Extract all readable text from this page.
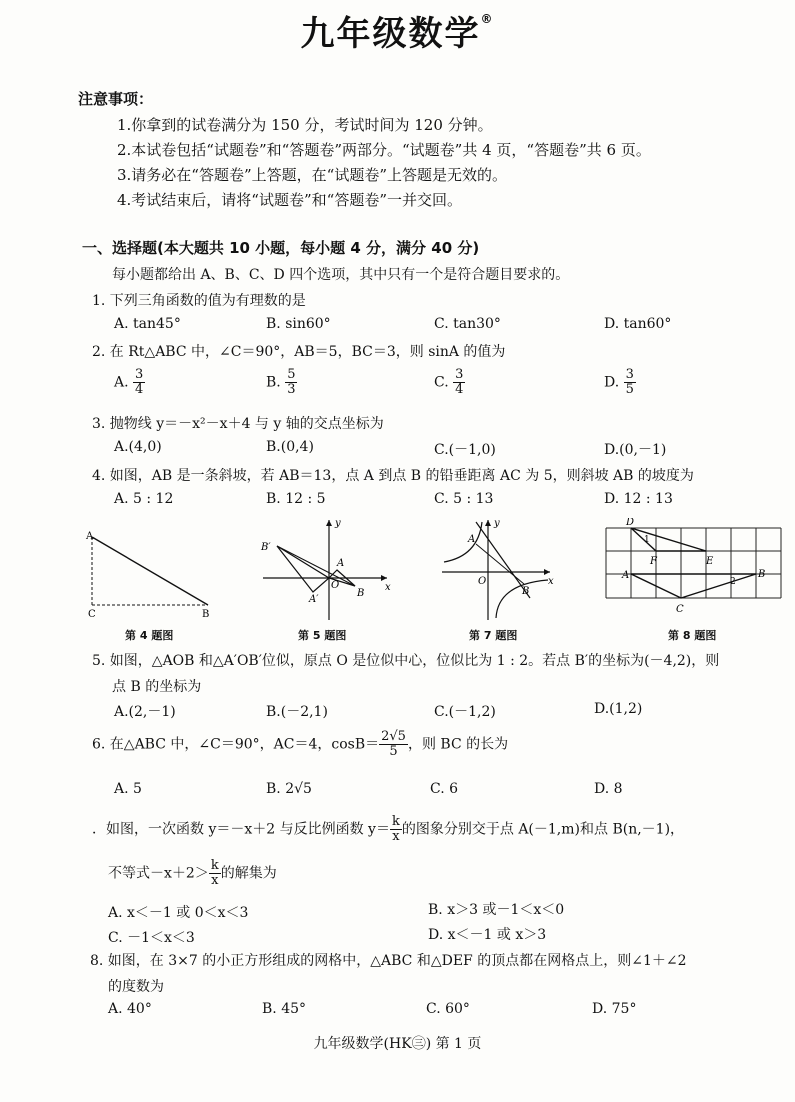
九年级数学®
注意事项：
1.你拿到的试卷满分为 150 分，考试时间为 120 分钟。
2.本试卷包括“试题卷”和“答题卷”两部分。“试题卷”共 4 页，“答题卷”共 6 页。
3.请务必在“答题卷”上答题，在“试题卷”上答题是无效的。
4.考试结束后，请将“试题卷”和“答题卷”一并交回。
一、选择题(本大题共 10 小题，每小题 4 分，满分 40 分)
每小题都给出 A、B、C、D 四个选项，其中只有一个是符合题目要求的。
1. 下列三角函数的值为有理数的是
A. tan45°	B. sin60°	C. tan30°	D. tan60°
2. 在 Rt△ABC 中，∠C＝90°，AB＝5，BC＝3，则 sinA 的值为
A. $\frac{3}{4}$	B. $\frac{5}{3}$	C. $\frac{3}{4}$	D. $\frac{3}{5}$
3. 抛物线 y＝－x²－x＋4 与 y 轴的交点坐标为
A.(4,0)	B.(0,4)	C.(－1,0)	D.(0,－1)
4. 如图，AB 是一条斜坡，若 AB＝13，点 A 到点 B 的铅垂距离 AC 为 5，则斜坡 AB 的坡度为
A. 5 : 12	B. 12 : 5	C. 5 : 13	D. 12 : 13
A
C	B
第 4 题图
B′
A
O
A′
B
x
y
第 5 题图
A
O
B
x
y
第 7 题图
D
1
F	E
A
2
B
C
第 8 题图
5. 如图，△AOB 和△A′OB′位似，原点 O 是位似中心，位似比为 1 : 2。若点 B′的坐标为(－4,2)，则
点 B 的坐标为
A.(2,－1)	B.(－2,1)	C.(－1,2)	D.(1,2)
6. 在△ABC 中，∠C＝90°，AC＝4，$\cos B= \frac{2√5}{5}$ ，则 BC 的长为
A. 5	B. 2√5	C. 6	D. 8
．如图，一次函数 y＝－x＋2 与反比例函数 $y= \frac{k}{x}$ 的图象分别交于点 A(－1,m)和点 B(n,－1)，
不等式$-x+2> \frac{k}{x}$ 的解集为
A. x＜－1 或 0＜x＜3	B. x＞3 或－1＜x＜0
C. －1＜x＜3	D. x＜－1 或 x＞3
8. 如图，在 3×7 的小正方形组成的网格中，△ABC 和△DEF 的顶点都在网格点上，则∠1＋∠2
的度数为
A. 40°	B. 45°	C. 60°	D. 75°
九年级数学(HK㊂) 第 1 页
